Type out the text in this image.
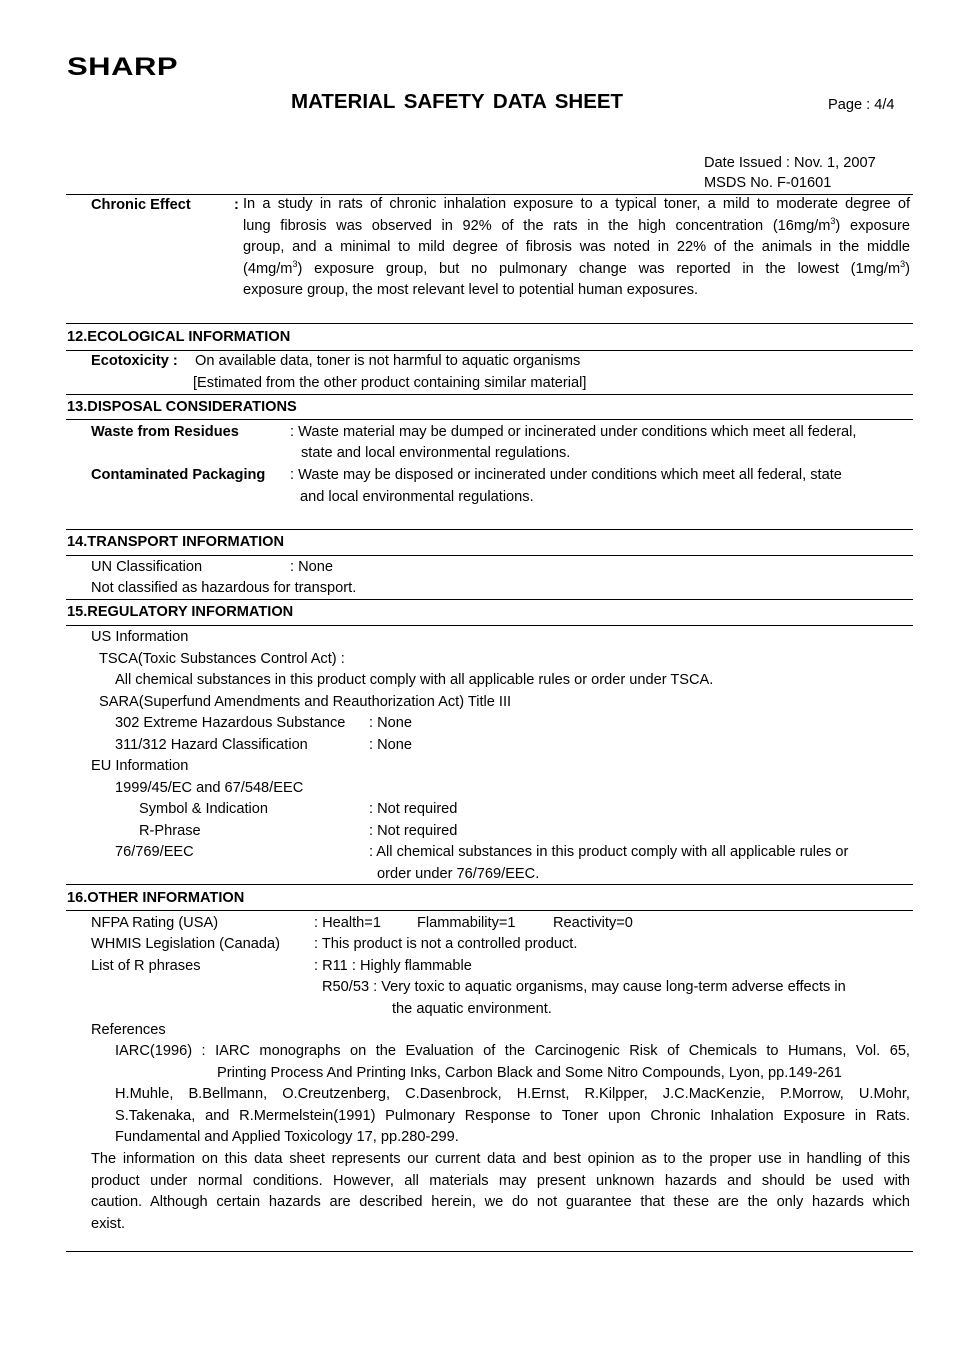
SHARP
MATERIAL SAFETY DATA SHEET	Page : 4/4
Date Issued : Nov. 1, 2007
MSDS No. F-01601
Chronic Effect	: In a study in rats of chronic inhalation exposure to a typical toner, a mild to moderate degree of
lung fibrosis was observed in 92% of the rats in the high concentration $(16mg/m^3)$ exposure
group, and a minimal to mild degree of fibrosis was noted in 22% of the animals in the middle
$(4mg/m^3)$ exposure group, but no pulmonary change was reported in the lowest $(1mg/m^3)$
exposure group, the most relevant level to potential human exposures.
12.ECOLOGICAL INFORMATION
Ecotoxicity : On available data, toner is not harmful to aquatic organisms
[Estimated from the other product containing similar material]
13.DISPOSAL CONSIDERATIONS
Waste from Residues	: Waste material may be dumped or incinerated under conditions which meet all federal,
state and local environmental regulations.
Contaminated Packaging : Waste may be disposed or incinerated under conditions which meet all federal, state
and local environmental regulations.
14.TRANSPORT INFORMATION
UN Classification	: None
Not classified as hazardous for transport.
15.REGULATORY INFORMATION
US Information
TSCA(Toxic Substances Control Act) :
All chemical substances in this product comply with all applicable rules or order under TSCA.
SARA(Superfund Amendments and Reauthorization Act) Title III
302 Extreme Hazardous Substance : None
311/312 Hazard Classification	: None
EU Information
1999/45/EC and 67/548/EEC
Symbol & Indication	: Not required
R-Phrase	: Not required
76/769/EEC	: All chemical substances in this product comply with all applicable rules or
order under 76/769/EEC.
16.OTHER INFORMATION
NFPA Rating (USA)	: Health=1 Flammability=1	Reactivity=0
WHMIS Legislation (Canada) : This product is not a controlled product.
List of R phrases	: R11 : Highly flammable
R50/53 : Very toxic to aquatic organisms, may cause long-term adverse effects in
the aquatic environment.
References
IARC(1996) : IARC monographs on the Evaluation of the Carcinogenic Risk of Chemicals to Humans, Vol. 65,
Printing Process And Printing Inks, Carbon Black and Some Nitro Compounds, Lyon, pp.149-261
H.Muhle, B.Bellmann, O.Creutzenberg, C.Dasenbrock, H.Ernst, R.Kilpper, J.C.MacKenzie, P.Morrow, U.Mohr,
S.Takenaka, and R.Mermelstein(1991) Pulmonary Response to Toner upon Chronic Inhalation Exposure in Rats.
Fundamental and Applied Toxicology 17, pp.280-299.
The information on this data sheet represents our current data and best opinion as to the proper use in handling of this
product under normal conditions. However, all materials may present unknown hazards and should be used with
caution. Although certain hazards are described herein, we do not guarantee that these are the only hazards which
exist.
